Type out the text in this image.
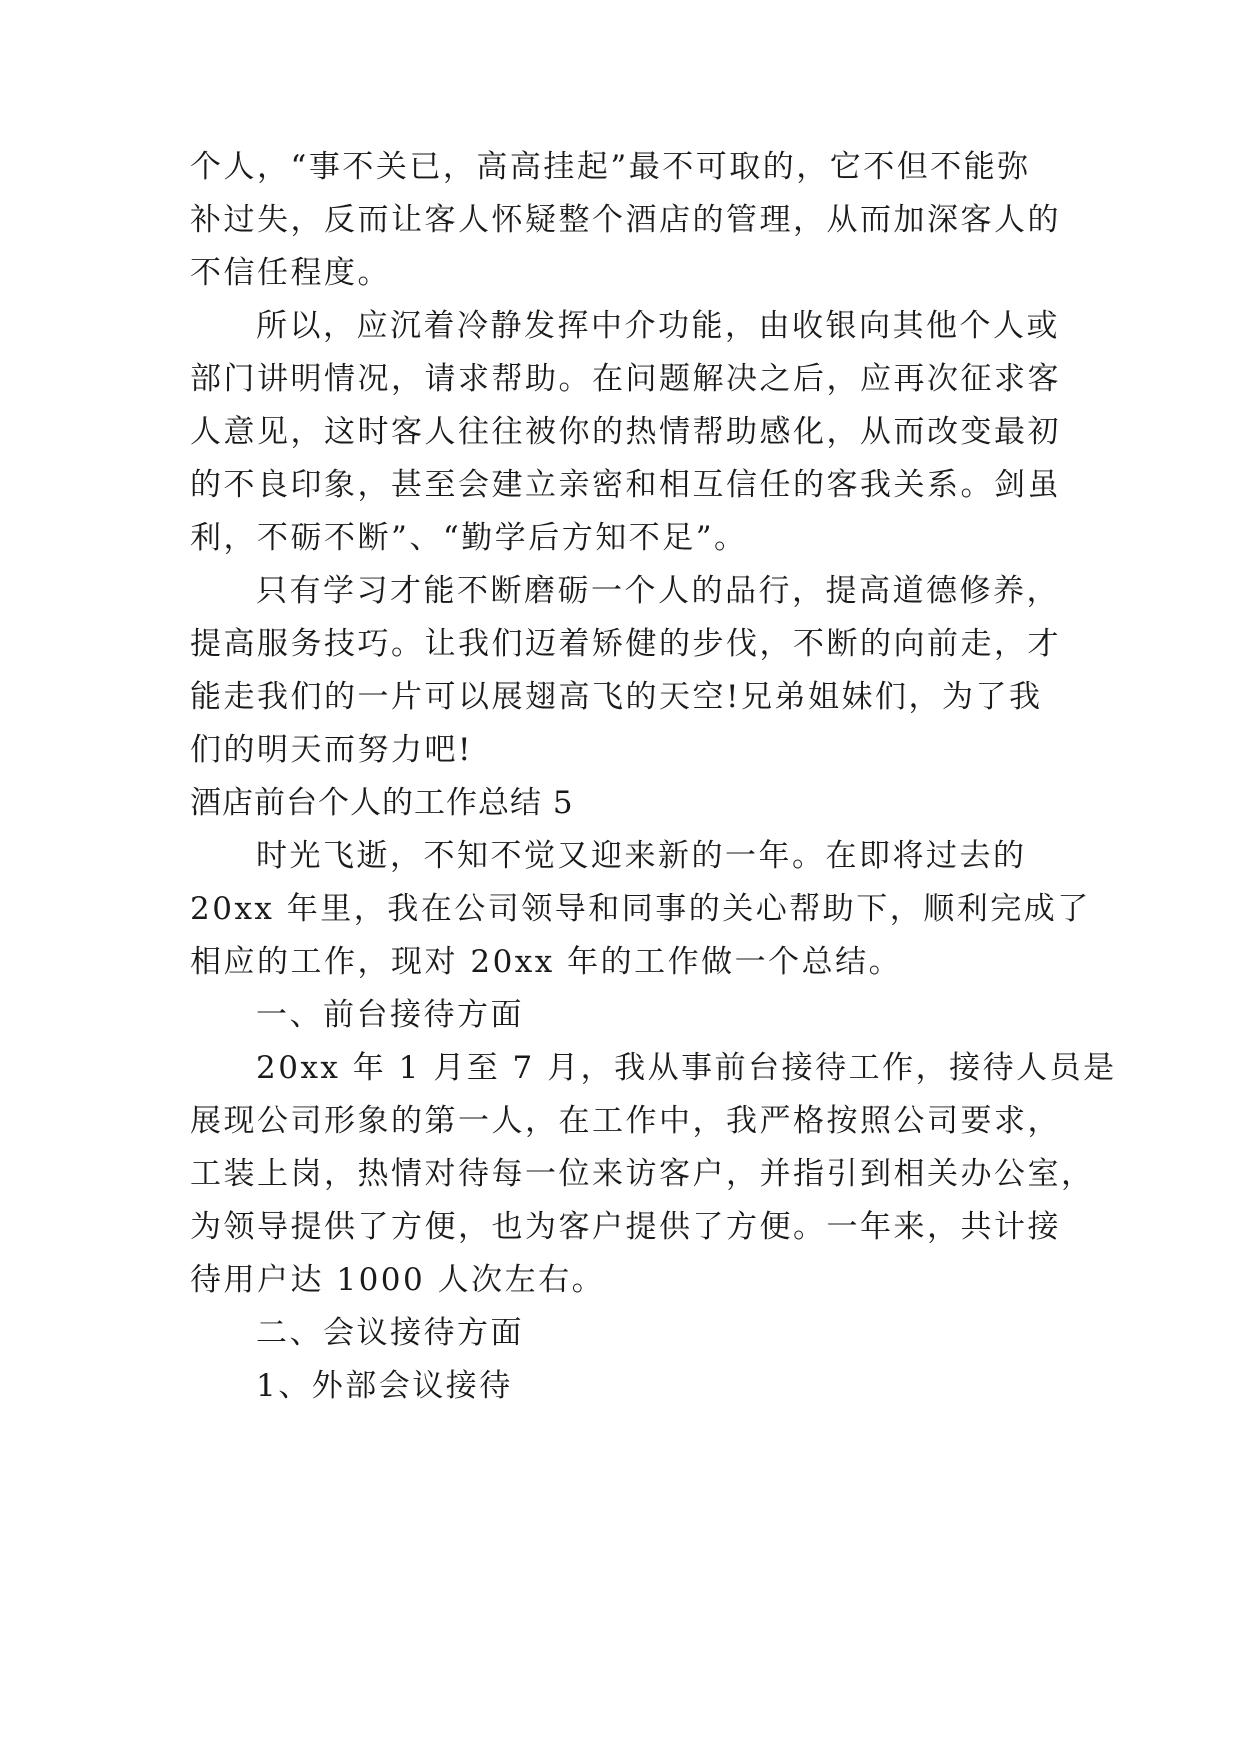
个人，“事不关已，高高挂起”最不可取的，它不但不能弥
补过失，反而让客人怀疑整个酒店的管理，从而加深客人的
不信任程度。
所以，应沉着冷静发挥中介功能，由收银向其他个人或
部门讲明情况，请求帮助。在问题解决之后，应再次征求客
人意见，这时客人往往被你的热情帮助感化，从而改变最初
的不良印象，甚至会建立亲密和相互信任的客我关系。剑虽
利，不砺不断”、“勤学后方知不足”。
只有学习才能不断磨砺一个人的品行，提高道德修养，
提高服务技巧。让我们迈着矫健的步伐，不断的向前走，才
能走我们的一片可以展翅高飞的天空!兄弟姐妹们，为了我
们的明天而努力吧!
酒店前台个人的工作总结 5
时光飞逝，不知不觉又迎来新的一年。在即将过去的
20xx 年里，我在公司领导和同事的关心帮助下，顺利完成了
相应的工作，现对 20xx 年的工作做一个总结。
一、前台接待方面
20xx 年 1 月至 7 月，我从事前台接待工作，接待人员是
展现公司形象的第一人，在工作中，我严格按照公司要求，
工装上岗，热情对待每一位来访客户，并指引到相关办公室，
为领导提供了方便，也为客户提供了方便。一年来，共计接
待用户达 1000 人次左右。
二、会议接待方面
1、外部会议接待
